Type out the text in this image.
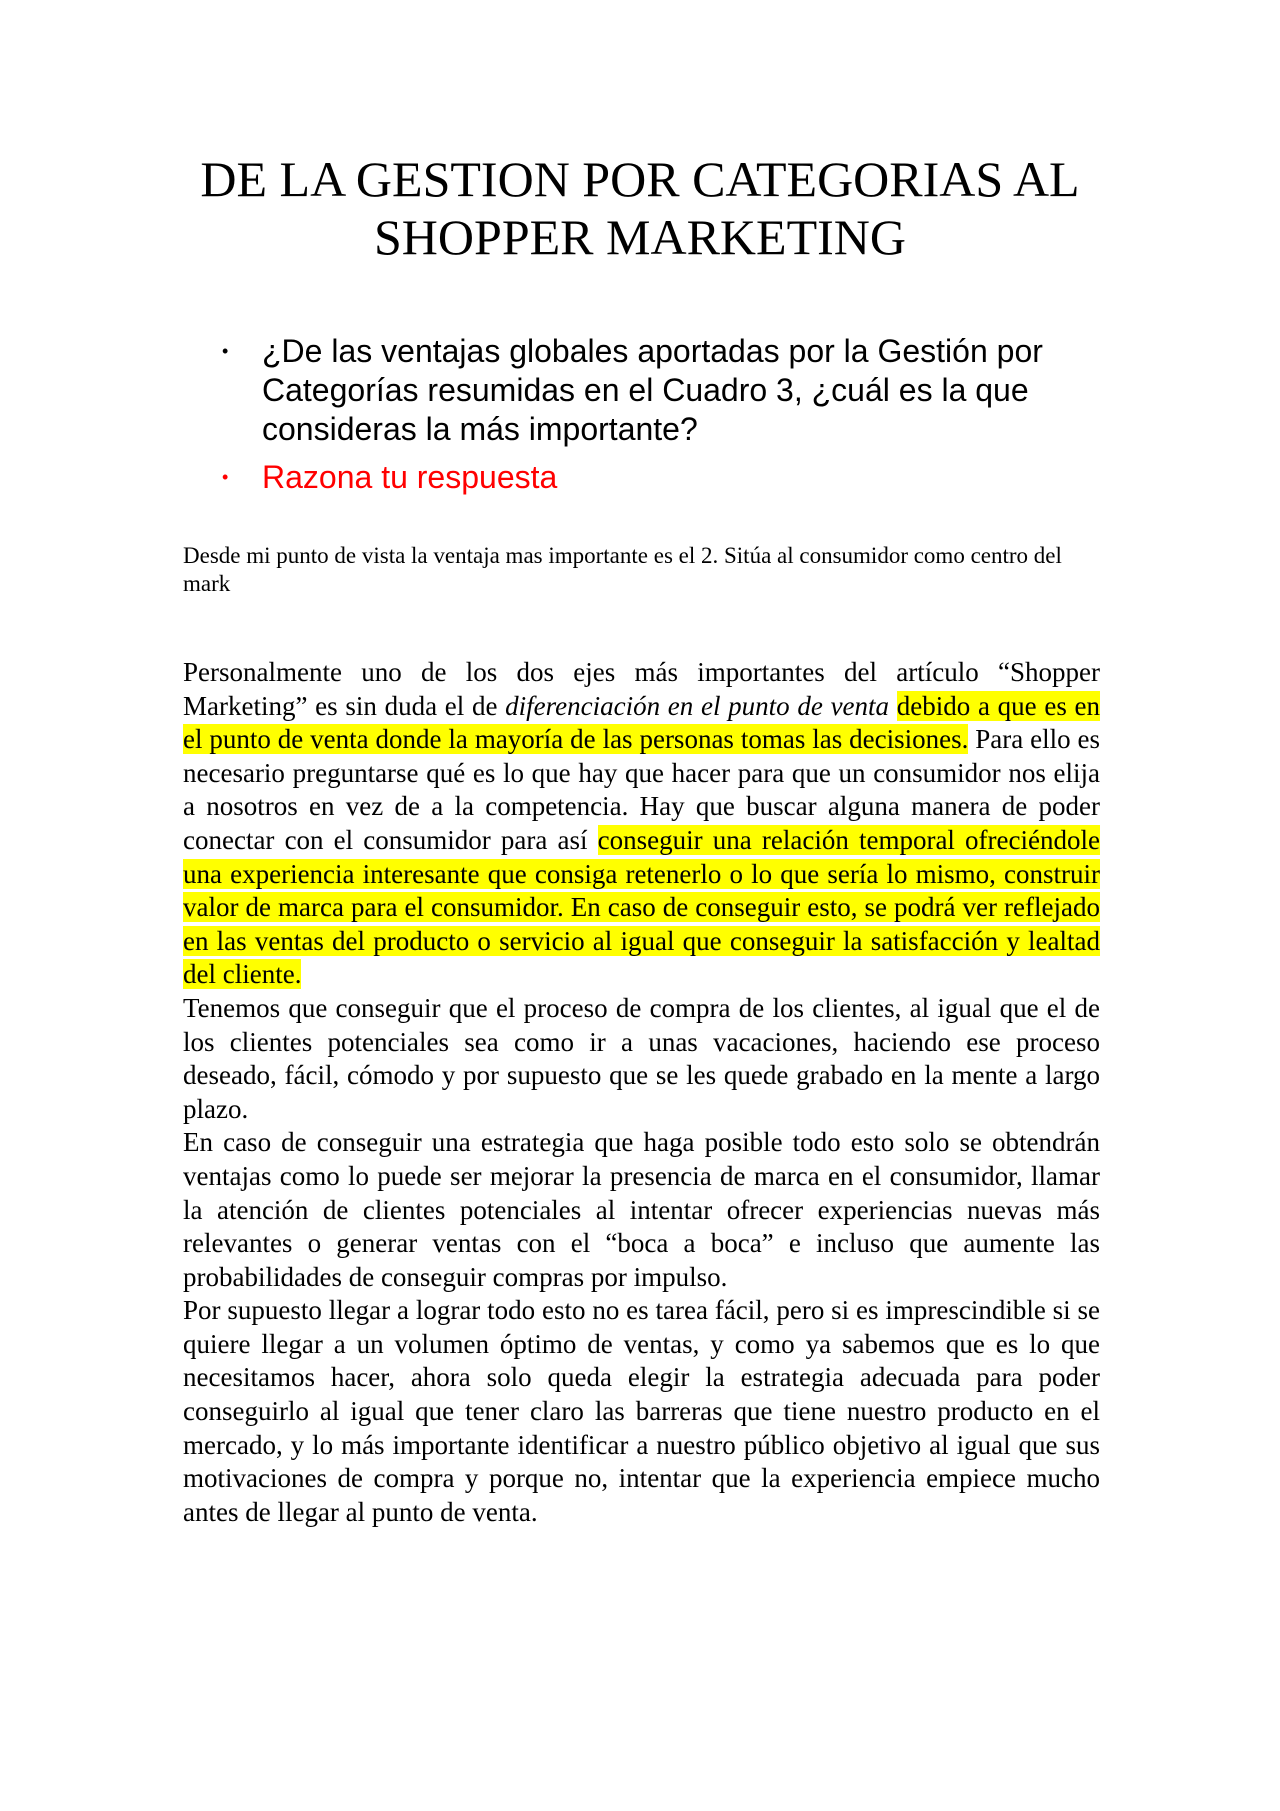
DE LA GESTION POR CATEGORIAS AL SHOPPER MARKETING
• ¿De las ventajas globales aportadas por la Gestión por Categorías resumidas en el Cuadro 3, ¿cuál es la que consideras la más importante?
• Razona tu respuesta

Desde mi punto de vista la ventaja mas importante es el 2. Sitúa al consumidor como centro del mark

Personalmente uno de los dos ejes más importantes del artículo “Shopper Marketing” es sin duda el de diferenciación en el punto de venta debido a que es en el punto de venta donde la mayoría de las personas tomas las decisiones. Para ello es necesario preguntarse qué es lo que hay que hacer para que un consumidor nos elija a nosotros en vez de a la competencia. Hay que buscar alguna manera de poder conectar con el consumidor para así conseguir una relación temporal ofreciéndole una experiencia interesante que consiga retenerlo o lo que sería lo mismo, construir valor de marca para el consumidor. En caso de conseguir esto, se podrá ver reflejado en las ventas del producto o servicio al igual que conseguir la satisfacción y lealtad del cliente.

Tenemos que conseguir que el proceso de compra de los clientes, al igual que el de los clientes potenciales sea como ir a unas vacaciones, haciendo ese proceso deseado, fácil, cómodo y por supuesto que se les quede grabado en la mente a largo plazo.

En caso de conseguir una estrategia que haga posible todo esto solo se obtendrán ventajas como lo puede ser mejorar la presencia de marca en el consumidor, llamar la atención de clientes potenciales al intentar ofrecer experiencias nuevas más relevantes o generar ventas con el “boca a boca” e incluso que aumente las probabilidades de conseguir compras por impulso.

Por supuesto llegar a lograr todo esto no es tarea fácil, pero si es imprescindible si se quiere llegar a un volumen óptimo de ventas, y como ya sabemos que es lo que necesitamos hacer, ahora solo queda elegir la estrategia adecuada para poder conseguirlo al igual que tener claro las barreras que tiene nuestro producto en el mercado, y lo más importante identificar a nuestro público objetivo al igual que sus motivaciones de compra y porque no, intentar que la experiencia empiece mucho antes de llegar al punto de venta.
